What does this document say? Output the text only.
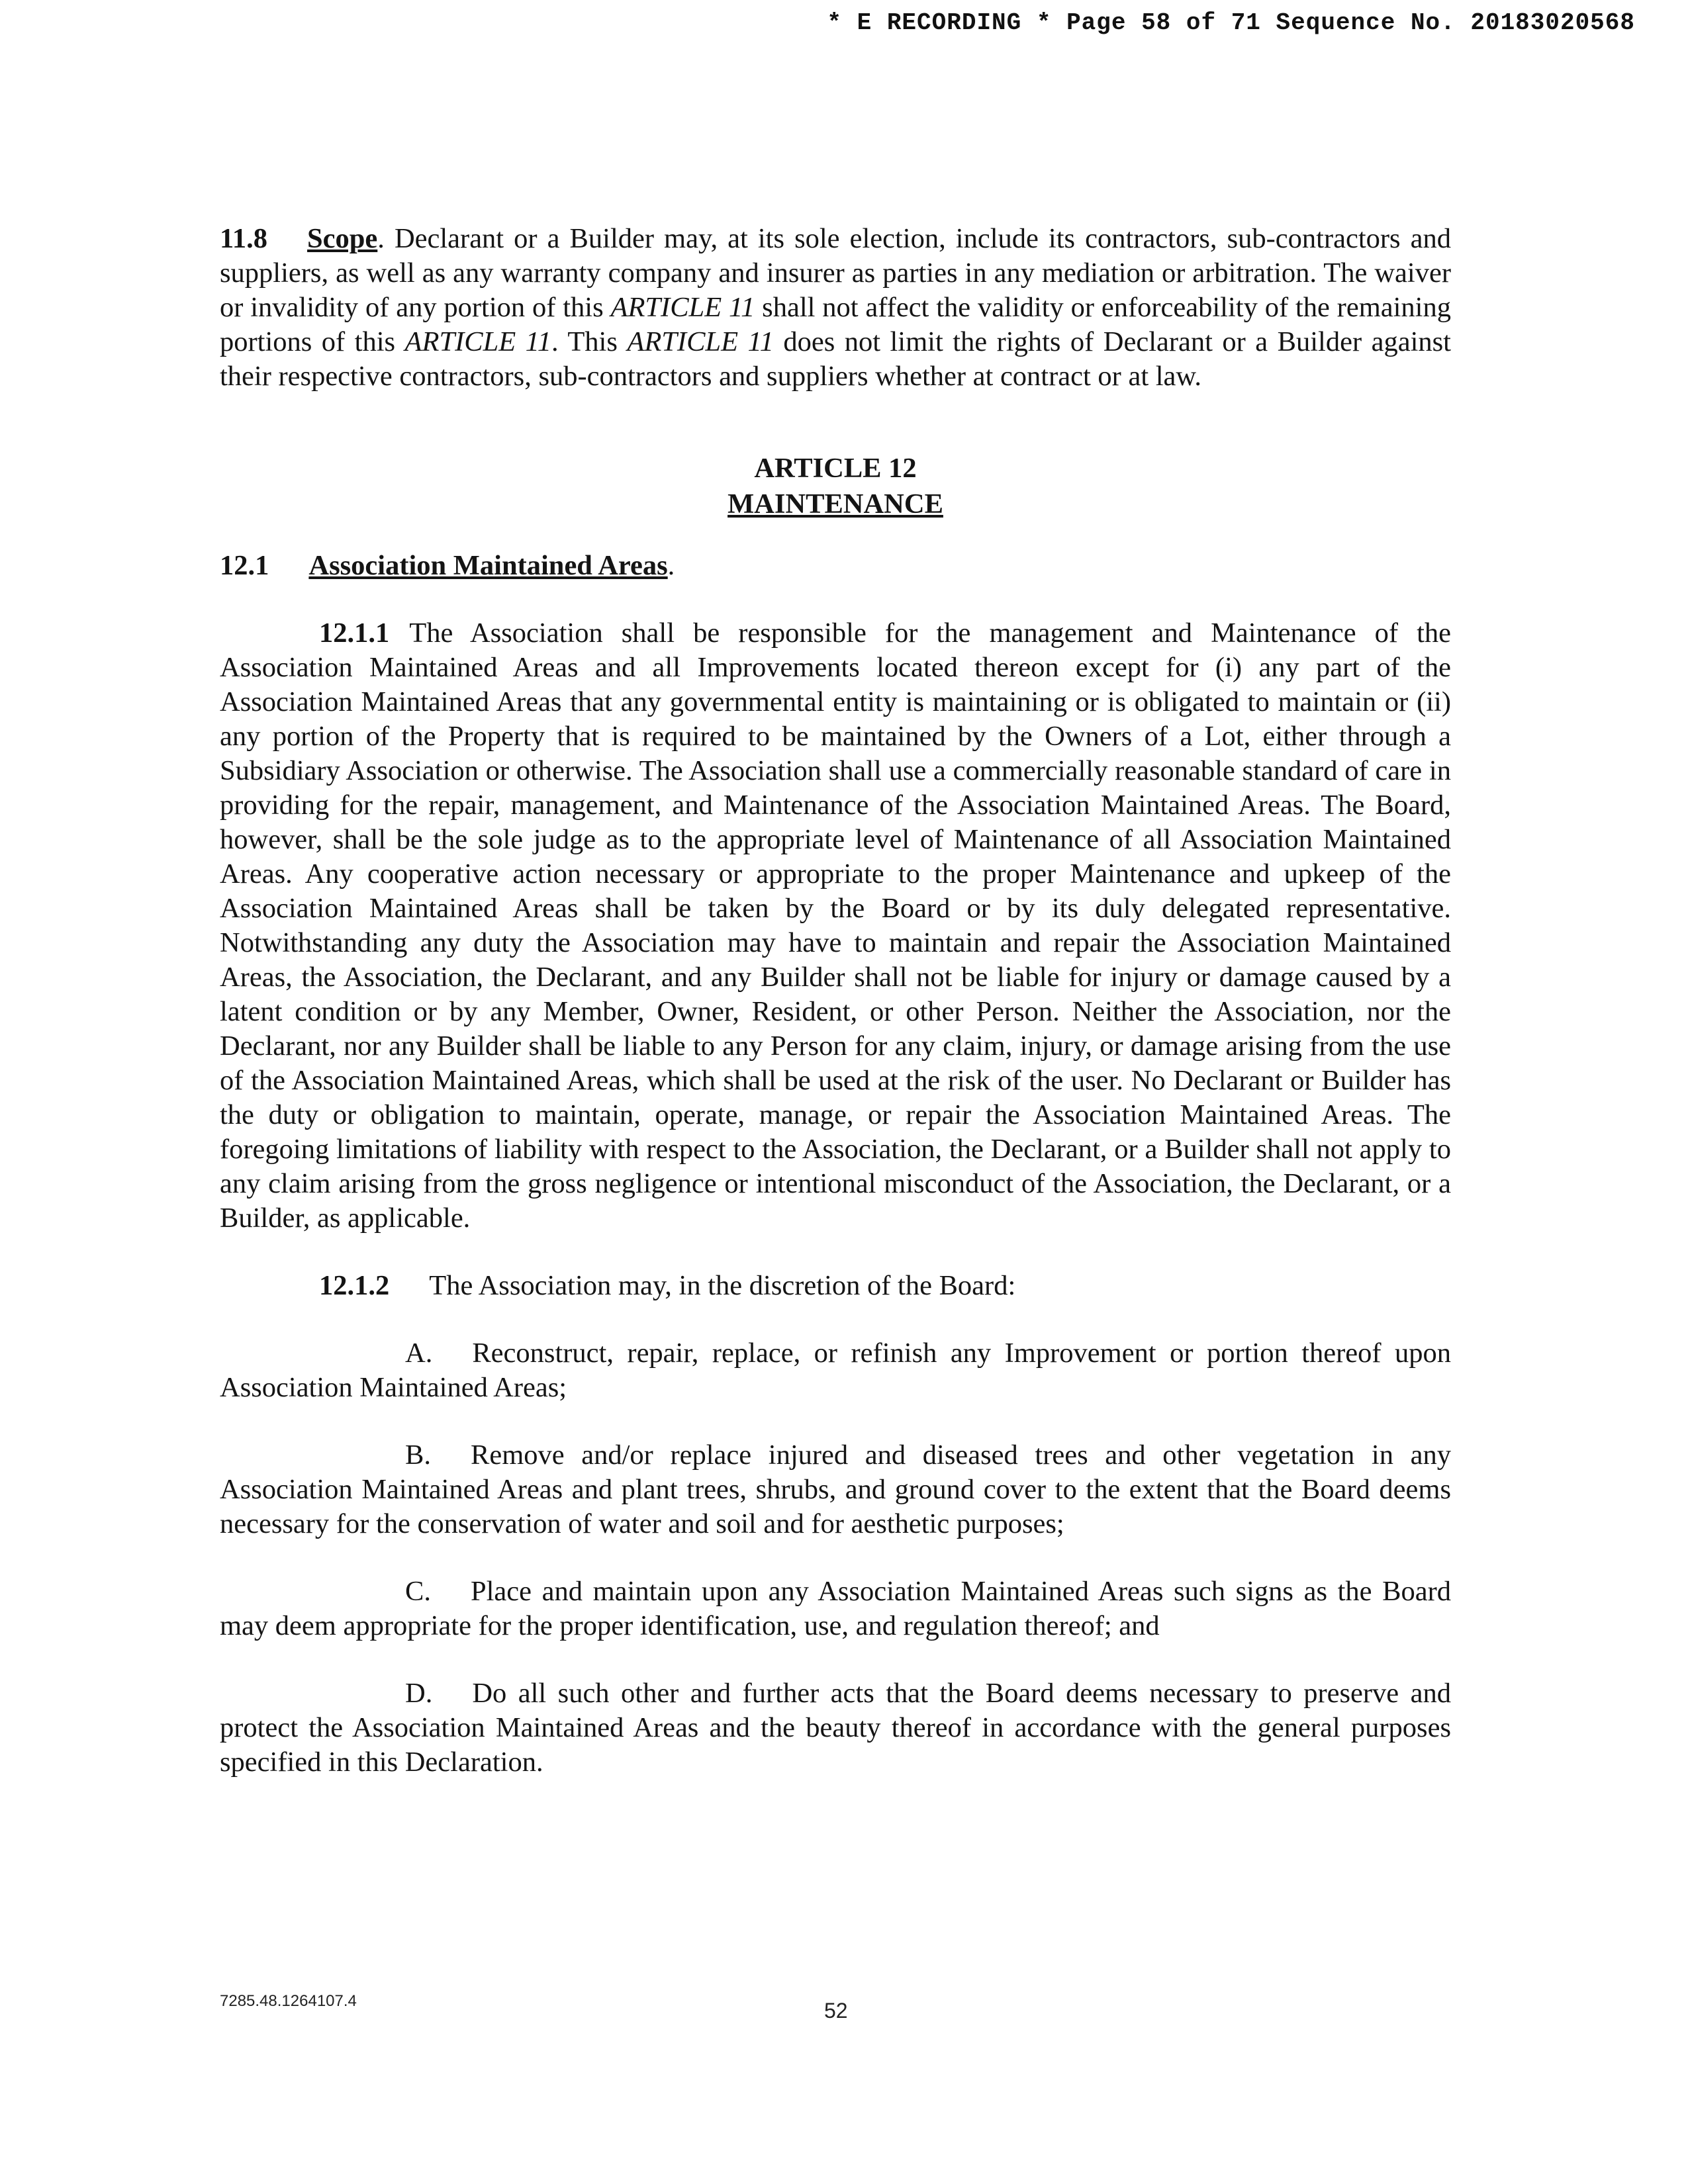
* E RECORDING * Page 58 of 71 Sequence No. 20183020568

11.8 Scope. Declarant or a Builder may, at its sole election, include its contractors, sub-contractors and suppliers, as well as any warranty company and insurer as parties in any mediation or arbitration. The waiver or invalidity of any portion of this ARTICLE 11 shall not affect the validity or enforceability of the remaining portions of this ARTICLE 11. This ARTICLE 11 does not limit the rights of Declarant or a Builder against their respective contractors, sub-contractors and suppliers whether at contract or at law.

ARTICLE 12
MAINTENANCE

12.1 Association Maintained Areas.

12.1.1 The Association shall be responsible for the management and Maintenance of the Association Maintained Areas and all Improvements located thereon except for (i) any part of the Association Maintained Areas that any governmental entity is maintaining or is obligated to maintain or (ii) any portion of the Property that is required to be maintained by the Owners of a Lot, either through a Subsidiary Association or otherwise. The Association shall use a commercially reasonable standard of care in providing for the repair, management, and Maintenance of the Association Maintained Areas. The Board, however, shall be the sole judge as to the appropriate level of Maintenance of all Association Maintained Areas. Any cooperative action necessary or appropriate to the proper Maintenance and upkeep of the Association Maintained Areas shall be taken by the Board or by its duly delegated representative. Notwithstanding any duty the Association may have to maintain and repair the Association Maintained Areas, the Association, the Declarant, and any Builder shall not be liable for injury or damage caused by a latent condition or by any Member, Owner, Resident, or other Person. Neither the Association, nor the Declarant, nor any Builder shall be liable to any Person for any claim, injury, or damage arising from the use of the Association Maintained Areas, which shall be used at the risk of the user. No Declarant or Builder has the duty or obligation to maintain, operate, manage, or repair the Association Maintained Areas. The foregoing limitations of liability with respect to the Association, the Declarant, or a Builder shall not apply to any claim arising from the gross negligence or intentional misconduct of the Association, the Declarant, or a Builder, as applicable.

12.1.2 The Association may, in the discretion of the Board:

A. Reconstruct, repair, replace, or refinish any Improvement or portion thereof upon Association Maintained Areas;

B. Remove and/or replace injured and diseased trees and other vegetation in any Association Maintained Areas and plant trees, shrubs, and ground cover to the extent that the Board deems necessary for the conservation of water and soil and for aesthetic purposes;

C. Place and maintain upon any Association Maintained Areas such signs as the Board may deem appropriate for the proper identification, use, and regulation thereof; and

D. Do all such other and further acts that the Board deems necessary to preserve and protect the Association Maintained Areas and the beauty thereof in accordance with the general purposes specified in this Declaration.

7285.48.1264107.4	52
